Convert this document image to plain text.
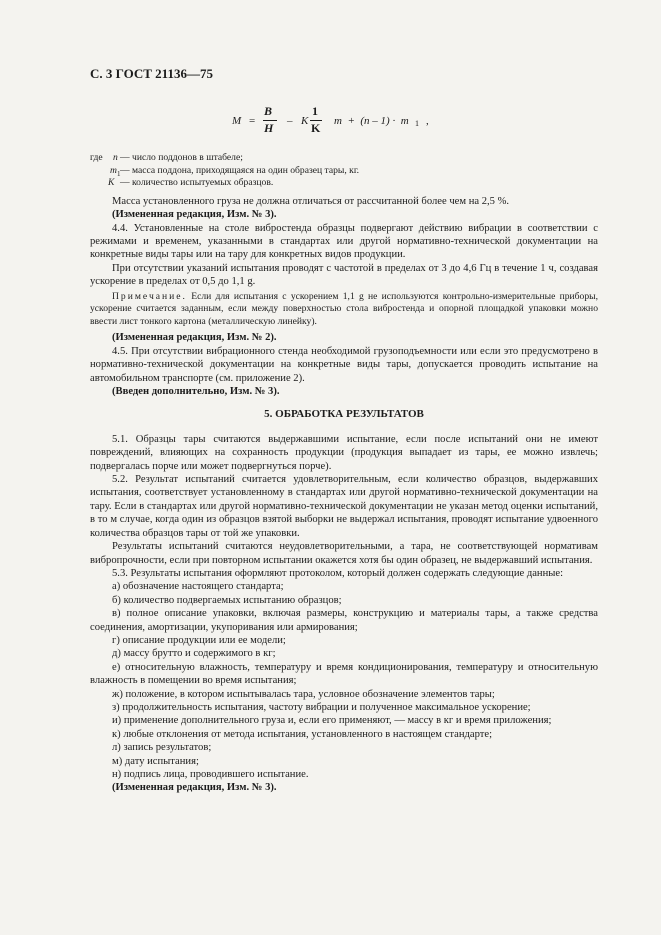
С. 3 ГОСТ 21136—75
M =
В
Н – K
1
K m  +  (n – 1) ·  m 1 ,
где n — число поддонов в штабеле;
m 1 — масса поддона, приходящаяся на один образец тары, кг.
K — количество испытуемых образцов.

Масса установленного груза не должна отличаться от рассчитанной более чем на 2,5 %.

(Измененная редакция, Изм. № 3).

4.4. Установленные на столе вибростенда образцы подвергают действию вибрации в соответствии с режимами и временем, указанными в стандартах или другой нормативно-технической документации на конкретные виды тары или на тару для конкретных видов продукции.

При отсутствии указаний испытания проводят с частотой в пределах от 3 до 4,6 Гц в течение 1 ч, создавая ускорение в пределах от 0,5 до 1,1 g.

Примечание. Если для испытания с ускорением 1,1 g не используются контрольно-измерительные приборы, ускорение считается заданным, если между поверхностью стола вибростенда и опорной площадкой упаковки можно ввести лист тонкого картона (металлическую линейку).

(Измененная редакция, Изм. № 2).

4.5. При отсутствии вибрационного стенда необходимой грузоподъемности или если это предусмотрено в нормативно-технической документации на конкретные виды тары, допускается проводить испытание на автомобильном транспорте (см. приложение 2).

(Введен дополнительно, Изм. № 3).

5. ОБРАБОТКА РЕЗУЛЬТАТОВ

5.1. Образцы тары считаются выдержавшими испытание, если после испытаний они не имеют повреждений, влияющих на сохранность продукции (продукция выпадает из тары, ее можно извлечь; подвергалась порче или может подвергнуться порче).

5.2. Результат испытаний считается удовлетворительным, если количество образцов, выдержавших испытания, соответствует установленному в стандартах или другой нормативно-технической документации на тару. Если в стандартах или другой нормативно-технической документации не указан метод оценки испытаний, в то м случае, когда один из образцов взятой выборки не выдержал испытания, проводят испытание удвоенного количества образцов тары от той же упаковки.

Результаты испытаний считаются неудовлетворительными, а тара, не соответствующей нормативам вибропрочности, если при повторном испытании окажется хотя бы один образец, не выдержавший испытания.

5.3. Результаты испытания оформляют протоколом, который должен содержать следующие данные:

а) обозначение настоящего стандарта;

б) количество подвергаемых испытанию образцов;

в) полное описание упаковки, включая размеры, конструкцию и материалы тары, а также средства соединения, амортизации, укупоривания или армирования;

г) описание продукции или ее модели;

д) массу брутто и содержимого в кг;

е) относительную влажность, температуру и время кондиционирования, температуру и относительную влажность в помещении во время испытания;

ж) положение, в котором испытывалась тара, условное обозначение элементов тары;

з) продолжительность испытания, частоту вибрации и полученное максимальное ускорение;

и) применение дополнительного груза и, если его применяют, — массу в кг и время приложения;

к) любые отклонения от метода испытания, установленного в настоящем стандарте;

л) запись результатов;

м) дату испытания;

н) подпись лица, проводившего испытание.

(Измененная редакция, Изм. № 3).
